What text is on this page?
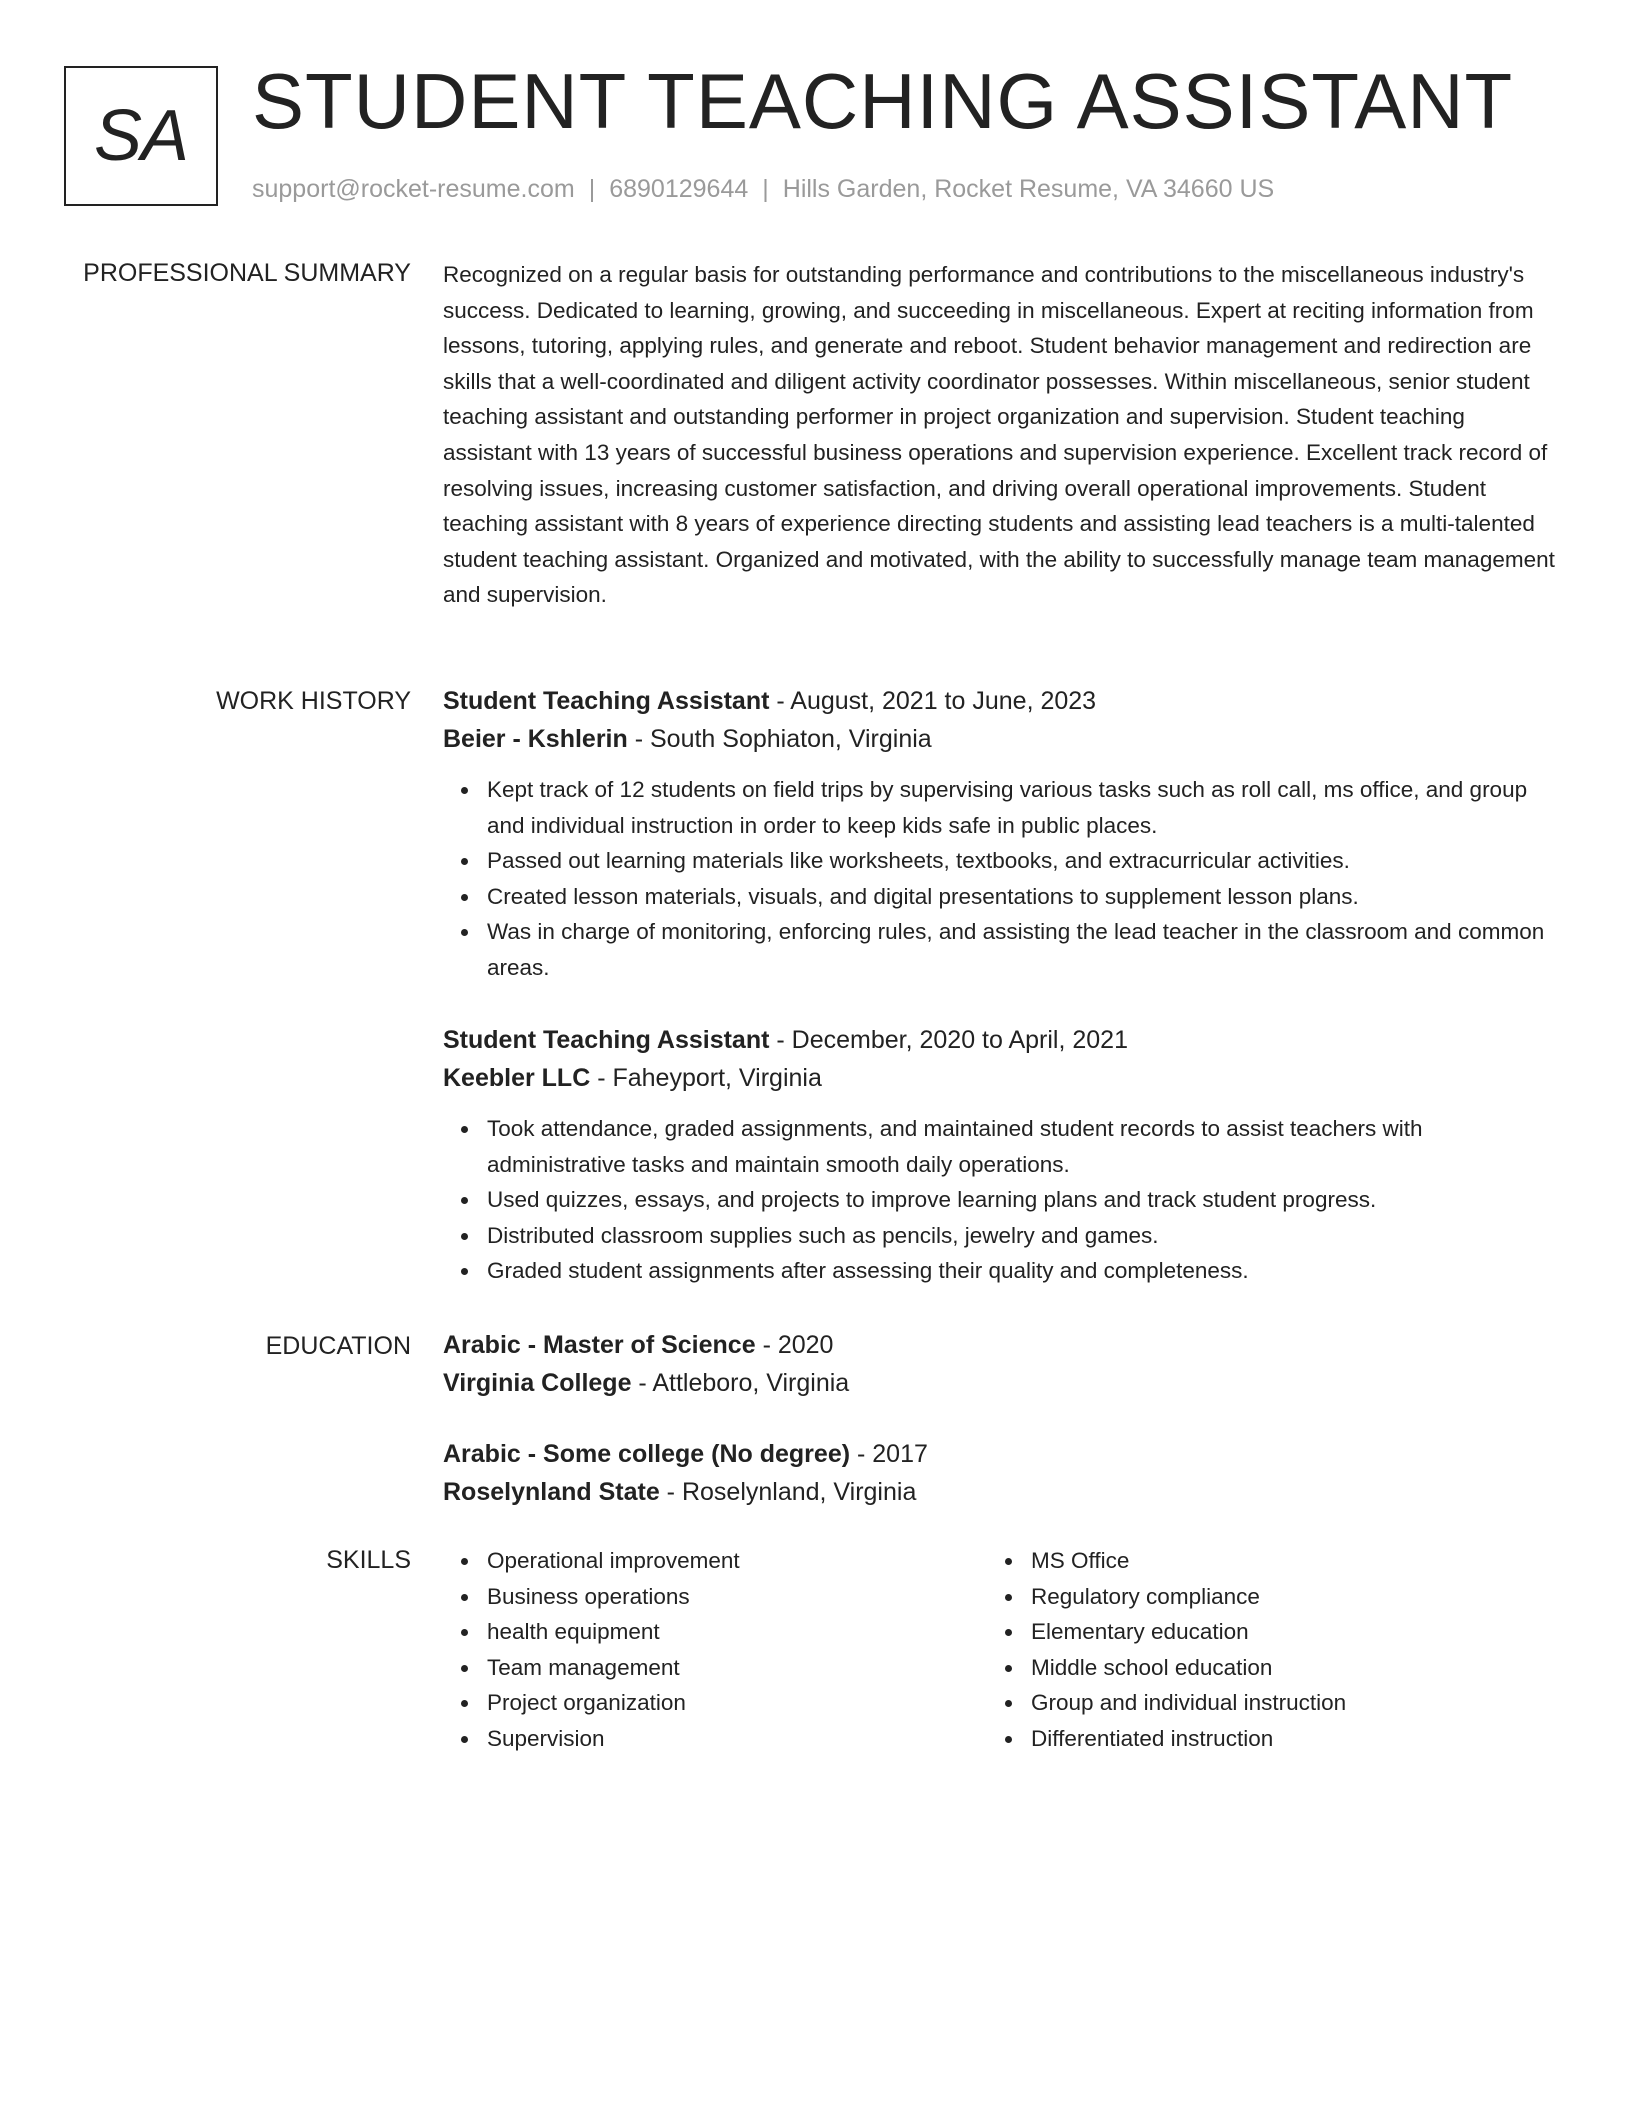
SA STUDENT TEACHING ASSISTANT
support@rocket-resume.com | 6890129644 | Hills Garden, Rocket Resume, VA 34660 US
PROFESSIONAL SUMMARY Recognized on a regular basis for outstanding performance and contributions to the miscellaneous industry's success. Dedicated to learning, growing, and succeeding in miscellaneous. Expert at reciting information from lessons, tutoring, applying rules, and generate and reboot. Student behavior management and redirection are skills that a well-coordinated and diligent activity coordinator possesses. Within miscellaneous, senior student teaching assistant and outstanding performer in project organization and supervision. Student teaching assistant with 13 years of successful business operations and supervision experience. Excellent track record of resolving issues, increasing customer satisfaction, and driving overall operational improvements. Student teaching assistant with 8 years of experience directing students and assisting lead teachers is a multi-talented student teaching assistant. Organized and motivated, with the ability to successfully manage team management and supervision.
WORK HISTORY Student Teaching Assistant - August, 2021 to June, 2023
Beier - Kshlerin - South Sophiaton, Virginia
Kept track of 12 students on field trips by supervising various tasks such as roll call, ms office, and group and individual instruction in order to keep kids safe in public places.
Passed out learning materials like worksheets, textbooks, and extracurricular activities.
Created lesson materials, visuals, and digital presentations to supplement lesson plans.
Was in charge of monitoring, enforcing rules, and assisting the lead teacher in the classroom and common areas.
Student Teaching Assistant - December, 2020 to April, 2021
Keebler LLC - Faheyport, Virginia
Took attendance, graded assignments, and maintained student records to assist teachers with administrative tasks and maintain smooth daily operations.
Used quizzes, essays, and projects to improve learning plans and track student progress.
Distributed classroom supplies such as pencils, jewelry and games.
Graded student assignments after assessing their quality and completeness.
EDUCATION Arabic - Master of Science - 2020
Virginia College - Attleboro, Virginia
Arabic - Some college (No degree) - 2017
Roselynland State - Roselynland, Virginia
SKILLS	Operational improvement
Business operations
health equipment
Team management
Project organization
Supervision
MS Office
Regulatory compliance
Elementary education
Middle school education
Group and individual instruction
Differentiated instruction
